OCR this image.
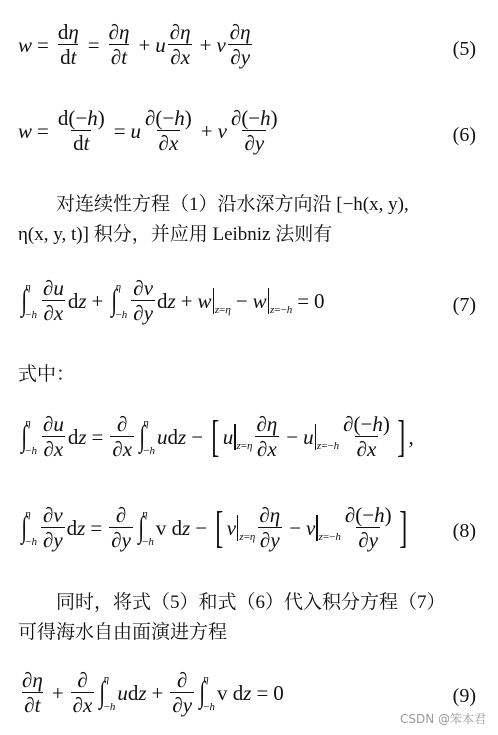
$w = \frac{d\eta}{dt} = \frac{\partial\eta}{\partial t} + u \frac{\partial\eta}{\partial x} + v \frac{\partial\eta}{\partial y}$	(5)
$w = \frac{d(-h)}{dt} = u \frac{\partial(-h)}{\partial x} + v \frac{\partial(-h)}{\partial y}$	(6)
对连续性方程（1）沿水深方向沿 [−h(x, y),
η(x, y, t)] 积分，并应用 Leibniz 法则有
∫
η
$-h \frac{\partial u}{\partial x}$ dz + ∫
η
$-h \frac{\partial v}{\partial y}$ dz + w z=η − w z=−h = 0	(7)
式中：
∫
η
$-h \frac{\partial u}{\partial x}$ dz = $\frac{\partial}{\partial x}$ ∫
η
−h
u d z − [ u $z=\eta \frac{\partial\eta}{\partial x} - u$ $z=-h \frac{\partial(-h)}{\partial x}$ ] ,
∫
η
$-h \frac{\partial v}{\partial y}$ dz = $\frac{\partial}{\partial y}$ ∫
η
−h
v d z − [ v $z=\eta \frac{\partial\eta}{\partial y} - v$ $z=-h \frac{\partial(-h)}{\partial y}$ ] (8)
同时，将式（5）和式（6）代入积分方程（7）
可得海水自由面演进方程
$\frac{\partial\eta}{\partial t} + \frac{\partial}{\partial x}$ ∫
η
−h
u d $z + \frac{\partial}{\partial y}$ ∫
η
−h
v d z = 0	(9)
CSDN @笨本君
